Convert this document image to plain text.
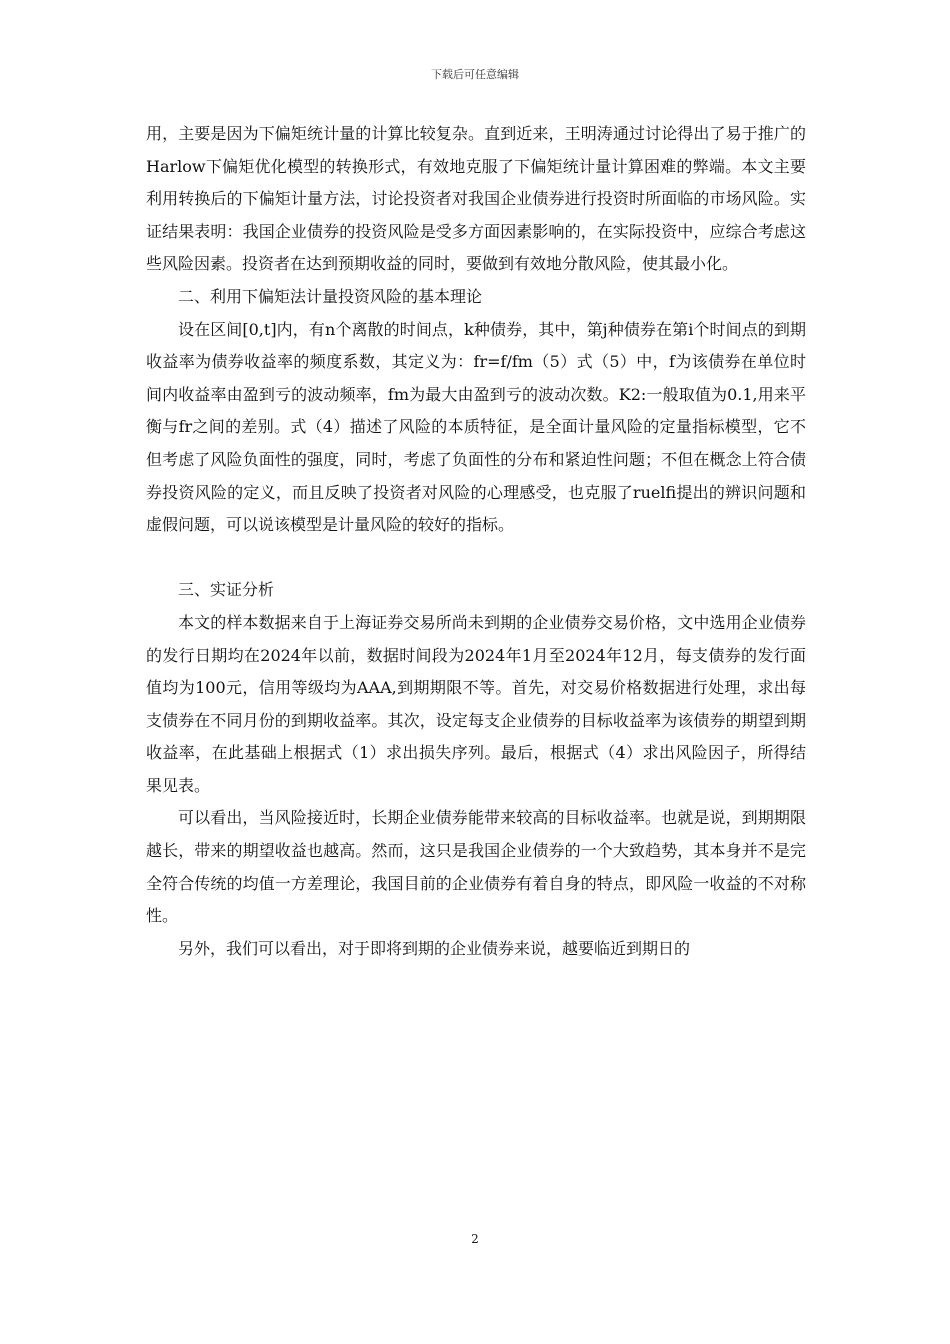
下载后可任意编辑

用，主要是因为下偏矩统计量的计算比较复杂。直到近来，王明涛通过讨论得出了易于推广的Harlow下偏矩优化模型的转换形式，有效地克服了下偏矩统计量计算困难的弊端。本文主要利用转换后的下偏矩计量方法，讨论投资者对我国企业债券进行投资时所面临的市场风险。实证结果表明：我国企业债券的投资风险是受多方面因素影响的，在实际投资中，应综合考虑这些风险因素。投资者在达到预期收益的同时，要做到有效地分散风险，使其最小化。

二、利用下偏矩法计量投资风险的基本理论

设在区间[0,t]内，有n个离散的时间点，k种债券，其中，第j种债券在第i个时间点的到期收益率为债券收益率的频度系数，其定义为：fr=f/fm（5）式（5）中，f为该债券在单位时间内收益率由盈到亏的波动频率，fm为最大由盈到亏的波动次数。K2:一般取值为0.1,用来平衡与fr之间的差别。式（4）描述了风险的本质特征，是全面计量风险的定量指标模型，它不但考虑了风险负面性的强度，同时，考虑了负面性的分布和紧迫性问题；不但在概念上符合债券投资风险的定义，而且反映了投资者对风险的心理感受，也克服了ruelfi提出的辨识问题和虚假问题，可以说该模型是计量风险的较好的指标。

三、实证分析

本文的样本数据来自于上海证券交易所尚未到期的企业债券交易价格，文中选用企业债券的发行日期均在2024年以前，数据时间段为2024年1月至2024年12月，每支债券的发行面值均为100元，信用等级均为AAA,到期期限不等。首先，对交易价格数据进行处理，求出每支债券在不同月份的到期收益率。其次，设定每支企业债券的目标收益率为该债券的期望到期收益率，在此基础上根据式（1）求出损失序列。最后，根据式（4）求出风险因子，所得结果见表。

可以看出，当风险接近时，长期企业债券能带来较高的目标收益率。也就是说，到期期限越长，带来的期望收益也越高。然而，这只是我国企业债券的一个大致趋势，其本身并不是完全符合传统的均值一方差理论，我国目前的企业债券有着自身的特点，即风险一收益的不对称性。

另外，我们可以看出，对于即将到期的企业债券来说，越要临近到期日的

2
